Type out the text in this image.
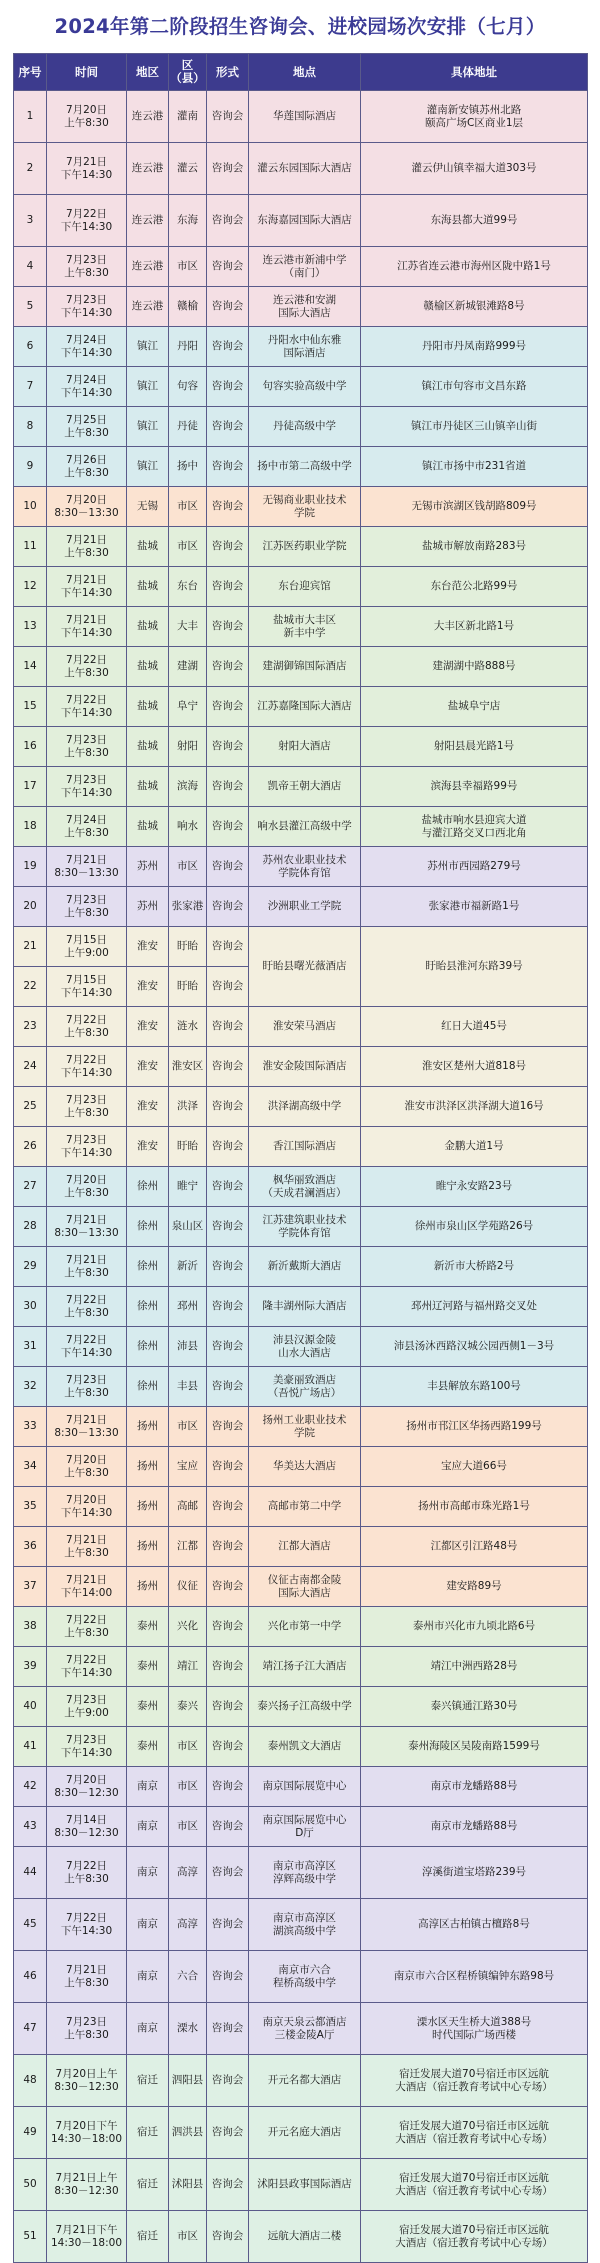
2024年第二阶段招生咨询会、进校园场次安排（七月）
序号	时间	地区	区（县）	形式	地点	具体地址
1	7月20日
上午8:30	连云港	灌南	咨询会	华莲国际酒店	灌南新安镇苏州北路
颐高广场C区商业1层
2	7月21日
下午14:30	连云港	灌云	咨询会	灌云东园国际大酒店	灌云伊山镇幸福大道303号
3	7月22日
下午14:30	连云港	东海	咨询会	东海嘉园国际大酒店	东海县都大道99号
4	7月23日
上午8:30	连云港	市区	咨询会	连云港市新浦中学
（南门）	江苏省连云港市海州区陇中路1号
5	7月23日
下午14:30	连云港	赣榆	咨询会	连云港和安湖
国际大酒店	赣榆区新城银滩路8号
6	7月24日
下午14:30	镇江	丹阳	咨询会	丹阳水中仙东雅
国际酒店	丹阳市丹凤南路999号
7	7月24日
下午14:30	镇江	句容	咨询会	句容实验高级中学	镇江市句容市文昌东路
8	7月25日
上午8:30	镇江	丹徒	咨询会	丹徒高级中学	镇江市丹徒区三山镇辛山街
9	7月26日
上午8:30	镇江	扬中	咨询会	扬中市第二高级中学	镇江市扬中市231省道
10	7月20日
8:30－13:30	无锡	市区	咨询会	无锡商业职业技术
学院	无锡市滨湖区钱胡路809号
11	7月21日
上午8:30	盐城	市区	咨询会	江苏医药职业学院	盐城市解放南路283号
12	7月21日
下午14:30	盐城	东台	咨询会	东台迎宾馆	东台范公北路99号
13	7月21日
下午14:30	盐城	大丰	咨询会	盐城市大丰区
新丰中学	大丰区新北路1号
14	7月22日
上午8:30	盐城	建湖	咨询会	建湖御锦国际酒店	建湖湖中路888号
15	7月22日
下午14:30	盐城	阜宁	咨询会	江苏嘉隆国际大酒店	盐城阜宁店
16	7月23日
上午8:30	盐城	射阳	咨询会	射阳大酒店	射阳县晨光路1号
17	7月23日
下午14:30	盐城	滨海	咨询会	凯帝王朝大酒店	滨海县幸福路99号
18	7月24日
上午8:30	盐城	响水	咨询会	响水县灌江高级中学	盐城市响水县迎宾大道
与灌江路交叉口西北角
19	7月21日
8:30－13:30	苏州	市区	咨询会	苏州农业职业技术
学院体育馆	苏州市西园路279号
20	7月23日
上午8:30	苏州	张家港	咨询会	沙洲职业工学院	张家港市福新路1号
21	7月15日
上午9:00	淮安	盱眙	咨询会	盱眙县曙光薇酒店	盱眙县淮河东路39号
22	7月15日
下午14:30	淮安	盱眙	咨询会		
23	7月22日
上午8:30	淮安	涟水	咨询会	淮安荣马酒店	红日大道45号
24	7月22日
下午14:30	淮安	淮安区	咨询会	淮安金陵国际酒店	淮安区楚州大道818号
25	7月23日
上午8:30	淮安	洪泽	咨询会	洪泽湖高级中学	淮安市洪泽区洪泽湖大道16号
26	7月23日
下午14:30	淮安	盱眙	咨询会	香江国际酒店	金鹏大道1号
27	7月20日
上午8:30	徐州	睢宁	咨询会	枫华丽致酒店
（天成君澜酒店）	睢宁永安路23号
28	7月21日
8:30－13:30	徐州	泉山区	咨询会	江苏建筑职业技术
学院体育馆	徐州市泉山区学苑路26号
29	7月21日
上午8:30	徐州	新沂	咨询会	新沂戴斯大酒店	新沂市大桥路2号
30	7月22日
上午8:30	徐州	邳州	咨询会	隆丰湖州际大酒店	邳州辽河路与福州路交叉处
31	7月22日
下午14:30	徐州	沛县	咨询会	沛县汉源金陵
山水大酒店	沛县汤沐西路汉城公园西侧1－3号
32	7月23日
上午8:30	徐州	丰县	咨询会	美豪丽致酒店
（吾悦广场店）	丰县解放东路100号
33	7月21日
8:30－13:30	扬州	市区	咨询会	扬州工业职业技术
学院	扬州市邗江区华扬西路199号
34	7月20日
上午8:30	扬州	宝应	咨询会	华美达大酒店	宝应大道66号
35	7月20日
下午14:30	扬州	高邮	咨询会	高邮市第二中学	扬州市高邮市珠光路1号
36	7月21日
上午8:30	扬州	江都	咨询会	江都大酒店	江都区引江路48号
37	7月21日
下午14:00	扬州	仪征	咨询会	仪征古南都金陵
国际大酒店	建安路89号
38	7月22日
上午8:30	泰州	兴化	咨询会	兴化市第一中学	泰州市兴化市九顷北路6号
39	7月22日
下午14:30	泰州	靖江	咨询会	靖江扬子江大酒店	靖江中洲西路28号
40	7月23日
上午9:00	泰州	泰兴	咨询会	泰兴扬子江高级中学	泰兴镇通江路30号
41	7月23日
下午14:30	泰州	市区	咨询会	泰州凯文大酒店	泰州海陵区吴陵南路1599号
42	7月20日
8:30－12:30	南京	市区	咨询会	南京国际展览中心	南京市龙蟠路88号
43	7月14日
8:30－12:30	南京	市区	咨询会	南京国际展览中心
D厅	南京市龙蟠路88号
44	7月22日
上午8:30	南京	高淳	咨询会	南京市高淳区
淳辉高级中学	淳溪街道宝塔路239号
45	7月22日
下午14:30	南京	高淳	咨询会	南京市高淳区
湖滨高级中学	高淳区古柏镇古檀路8号
46	7月21日
上午8:30	南京	六合	咨询会	南京市六合
程桥高级中学	南京市六合区程桥镇编钟东路98号
47	7月23日
上午8:30	南京	溧水	咨询会	南京天泉云都酒店
三楼金陵A厅	溧水区天生桥大道388号
时代国际广场西楼
48	7月20日上午
8:30－12:30	宿迁	泗阳县	咨询会	开元名都大酒店	宿迁发展大道70号宿迁市区远航
大酒店（宿迁教育考试中心专场）
49	7月20日下午
14:30－18:00	宿迁	泗洪县	咨询会	开元名庭大酒店	宿迁发展大道70号宿迁市区远航
大酒店（宿迁教育考试中心专场）
50	7月21日上午
8:30－12:30	宿迁	沭阳县	咨询会	沭阳县政事国际酒店	宿迁发展大道70号宿迁市区远航
大酒店（宿迁教育考试中心专场）
51	7月21日下午
14:30－18:00	宿迁	市区	咨询会	远航大酒店二楼	宿迁发展大道70号宿迁市区远航
大酒店（宿迁教育考试中心专场）
